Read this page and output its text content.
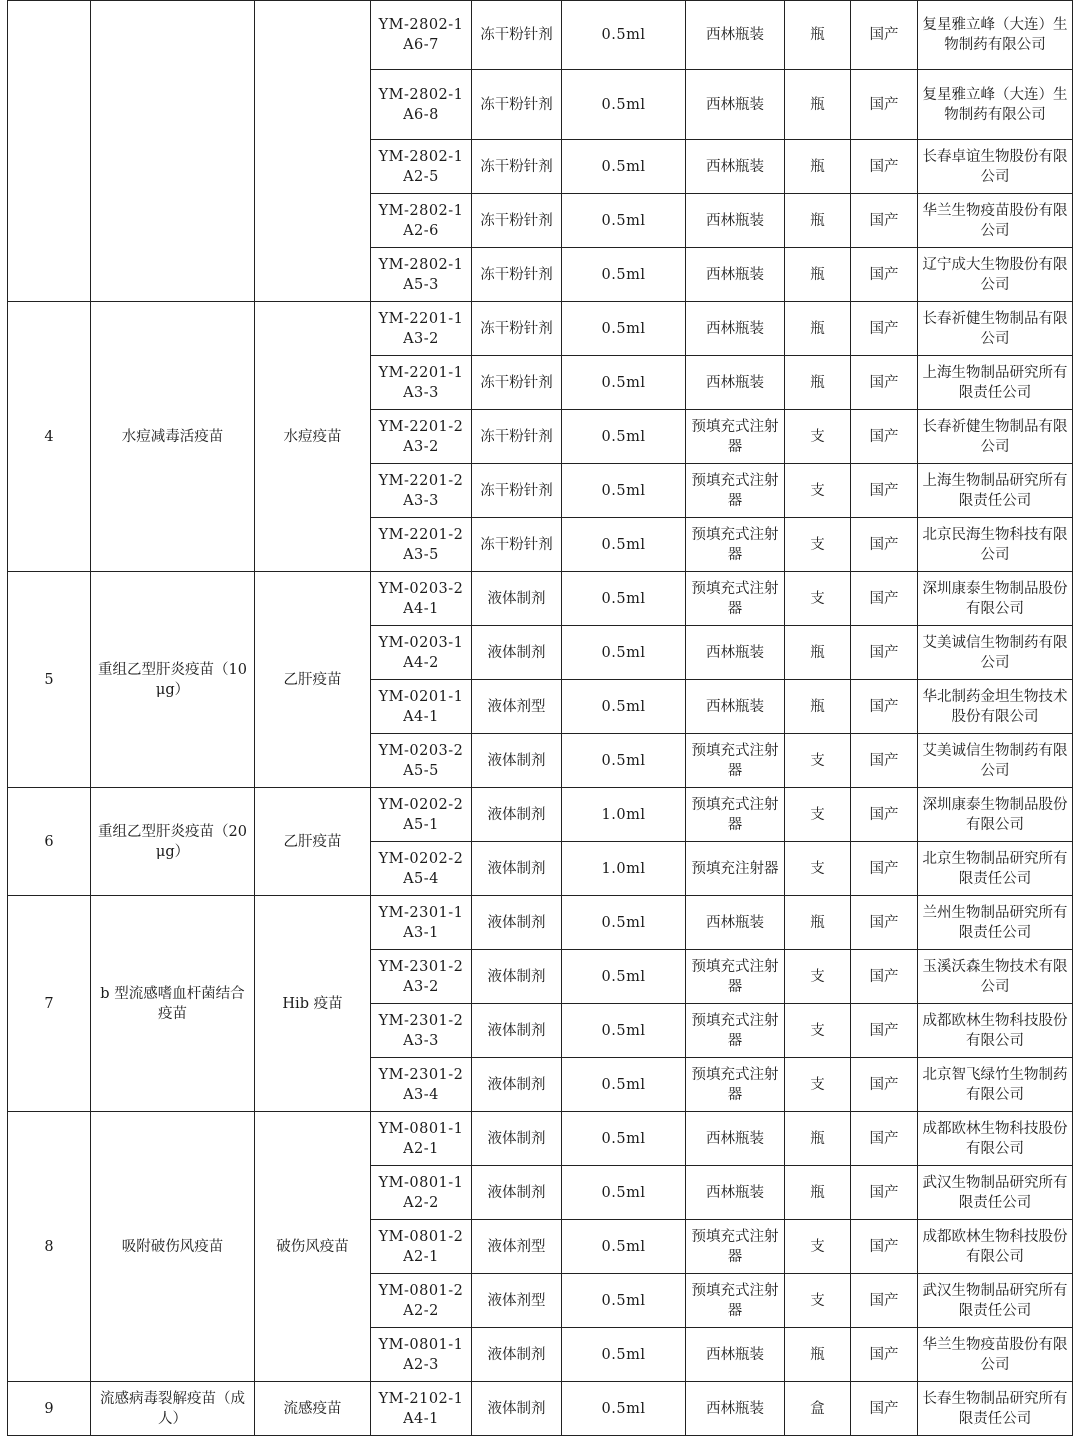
			YM-2802-1A6-7	冻干粉针剂	0.5ml	西林瓶装	瓶	国产	复星雅立峰（大连）生物制药有限公司
			YM-2802-1A6-8	冻干粉针剂	0.5ml	西林瓶装	瓶	国产	复星雅立峰（大连）生物制药有限公司
			YM-2802-1A2-5	冻干粉针剂	0.5ml	西林瓶装	瓶	国产	长春卓谊生物股份有限公司
			YM-2802-1A2-6	冻干粉针剂	0.5ml	西林瓶装	瓶	国产	华兰生物疫苗股份有限公司
			YM-2802-1A5-3	冻干粉针剂	0.5ml	西林瓶装	瓶	国产	辽宁成大生物股份有限公司
4	水痘减毒活疫苗	水痘疫苗	YM-2201-1A3-2	冻干粉针剂	0.5ml	西林瓶装	瓶	国产	长春祈健生物制品有限公司
			YM-2201-1A3-3	冻干粉针剂	0.5ml	西林瓶装	瓶	国产	上海生物制品研究所有限责任公司
			YM-2201-2A3-2	冻干粉针剂	0.5ml	预填充式注射器	支	国产	长春祈健生物制品有限公司
			YM-2201-2A3-3	冻干粉针剂	0.5ml	预填充式注射器	支	国产	上海生物制品研究所有限责任公司
			YM-2201-2A3-5	冻干粉针剂	0.5ml	预填充式注射器	支	国产	北京民海生物科技有限公司
5	重组乙型肝炎疫苗（10μg）	乙肝疫苗	YM-0203-2A4-1	液体制剂	0.5ml	预填充式注射器	支	国产	深圳康泰生物制品股份有限公司
			YM-0203-1A4-2	液体制剂	0.5ml	西林瓶装	瓶	国产	艾美诚信生物制药有限公司
			YM-0201-1A4-1	液体剂型	0.5ml	西林瓶装	瓶	国产	华北制药金坦生物技术股份有限公司
			YM-0203-2A5-5	液体制剂	0.5ml	预填充式注射器	支	国产	艾美诚信生物制药有限公司
6	重组乙型肝炎疫苗（20μg）	乙肝疫苗	YM-0202-2A5-1	液体制剂	1.0ml	预填充式注射器	支	国产	深圳康泰生物制品股份有限公司
			YM-0202-2A5-4	液体制剂	1.0ml	预填充注射器	支	国产	北京生物制品研究所有限责任公司
7	b 型流感嗜血杆菌结合疫苗	Hib 疫苗	YM-2301-1A3-1	液体制剂	0.5ml	西林瓶装	瓶	国产	兰州生物制品研究所有限责任公司
			YM-2301-2A3-2	液体制剂	0.5ml	预填充式注射器	支	国产	玉溪沃森生物技术有限公司
			YM-2301-2A3-3	液体制剂	0.5ml	预填充式注射器	支	国产	成都欧林生物科技股份有限公司
			YM-2301-2A3-4	液体制剂	0.5ml	预填充式注射器	支	国产	北京智飞绿竹生物制药有限公司
8	吸附破伤风疫苗	破伤风疫苗	YM-0801-1A2-1	液体制剂	0.5ml	西林瓶装	瓶	国产	成都欧林生物科技股份有限公司
			YM-0801-1A2-2	液体制剂	0.5ml	西林瓶装	瓶	国产	武汉生物制品研究所有限责任公司
			YM-0801-2A2-1	液体剂型	0.5ml	预填充式注射器	支	国产	成都欧林生物科技股份有限公司
			YM-0801-2A2-2	液体剂型	0.5ml	预填充式注射器	支	国产	武汉生物制品研究所有限责任公司
			YM-0801-1A2-3	液体制剂	0.5ml	西林瓶装	瓶	国产	华兰生物疫苗股份有限公司
9	流感病毒裂解疫苗（成人）	流感疫苗	YM-2102-1A4-1	液体制剂	0.5ml	西林瓶装	盒	国产	长春生物制品研究所有限责任公司
